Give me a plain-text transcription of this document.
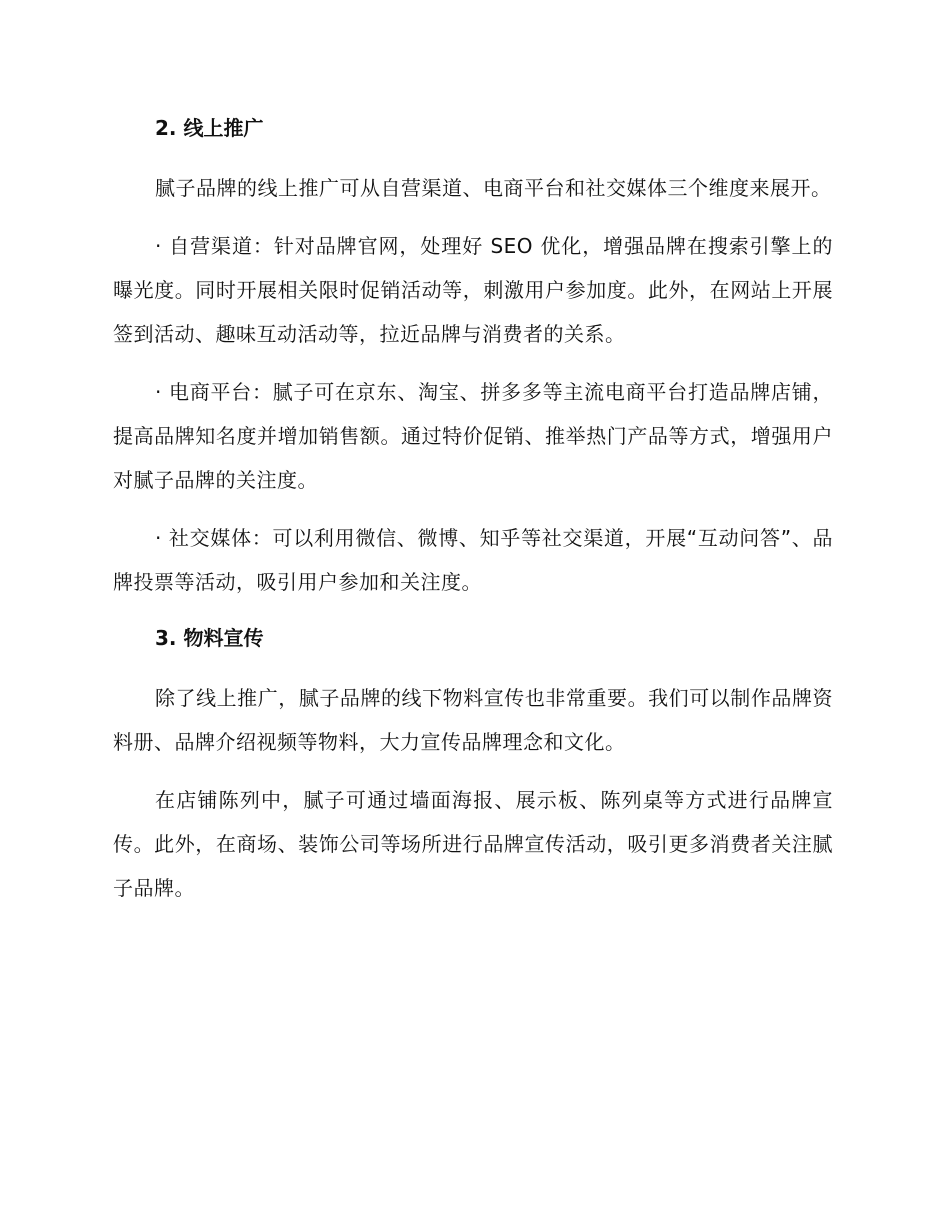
2. 线上推广

腻子品牌的线上推广可从自营渠道、电商平台和社交媒体三个维度来展开。

· 自营渠道：针对品牌官网，处理好 SEO 优化，增强品牌在搜索引擎上的曝光度。同时开展相关限时促销活动等，刺激用户参加度。此外，在网站上开展签到活动、趣味互动活动等，拉近品牌与消费者的关系。

· 电商平台：腻子可在京东、淘宝、拼多多等主流电商平台打造品牌店铺，提高品牌知名度并增加销售额。通过特价促销、推举热门产品等方式，增强用户对腻子品牌的关注度。

· 社交媒体：可以利用微信、微博、知乎等社交渠道，开展“互动问答”、品牌投票等活动，吸引用户参加和关注度。

3. 物料宣传

除了线上推广，腻子品牌的线下物料宣传也非常重要。我们可以制作品牌资料册、品牌介绍视频等物料，大力宣传品牌理念和文化。

在店铺陈列中，腻子可通过墙面海报、展示板、陈列桌等方式进行品牌宣传。此外，在商场、装饰公司等场所进行品牌宣传活动，吸引更多消费者关注腻子品牌。
